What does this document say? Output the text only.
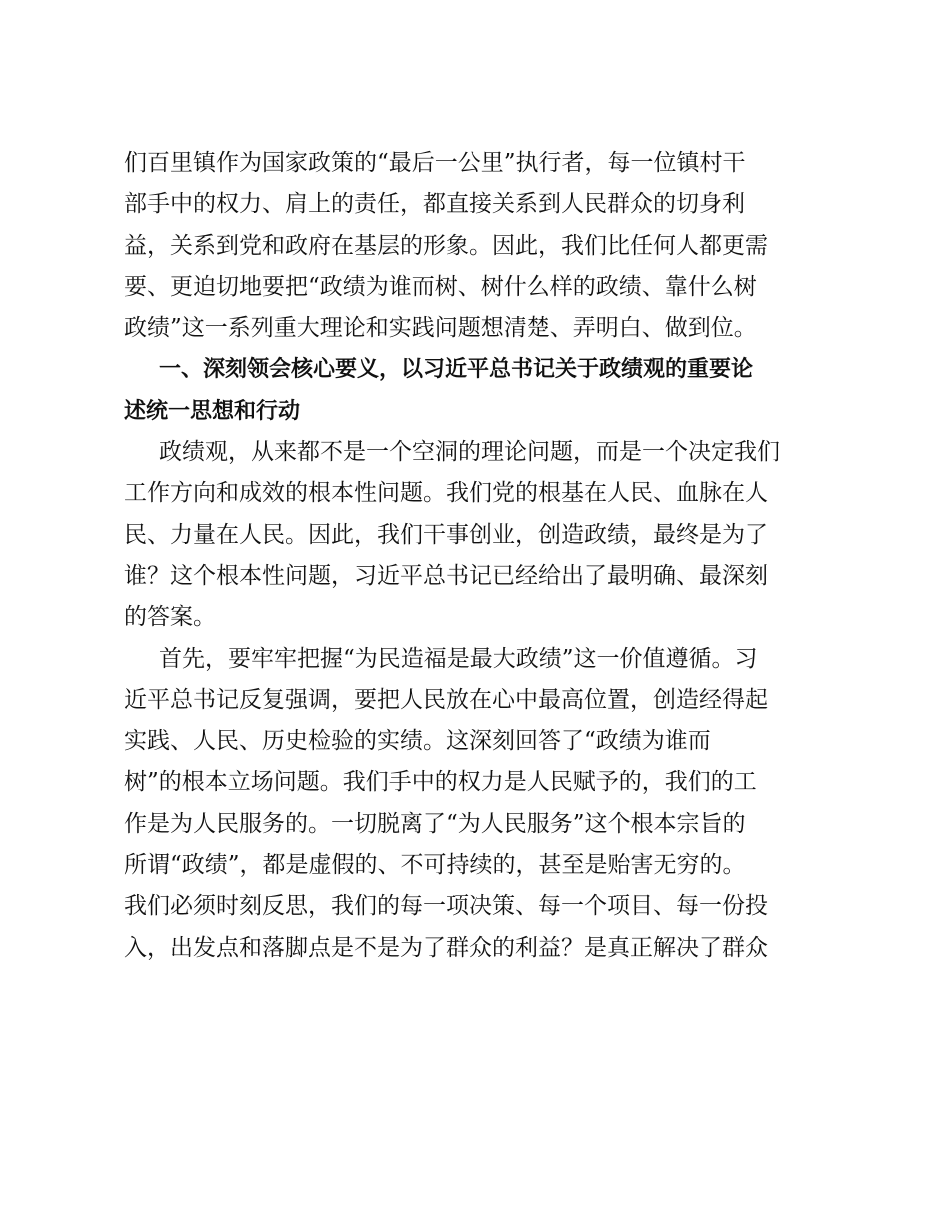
们百里镇作为国家政策的“最后一公里”执行者，每一位镇村干
部手中的权力、肩上的责任，都直接关系到人民群众的切身利
益，关系到党和政府在基层的形象。因此，我们比任何人都更需
要、更迫切地要把“政绩为谁而树、树什么样的政绩、靠什么树
政绩”这一系列重大理论和实践问题想清楚、弄明白、做到位。
一、深刻领会核心要义，以习近平总书记关于政绩观的重要论
述统一思想和行动
政绩观，从来都不是一个空洞的理论问题，而是一个决定我们
工作方向和成效的根本性问题。我们党的根基在人民、血脉在人
民、力量在人民。因此，我们干事创业，创造政绩，最终是为了
谁？这个根本性问题，习近平总书记已经给出了最明确、最深刻
的答案。
首先，要牢牢把握“为民造福是最大政绩”这一价值遵循。习
近平总书记反复强调，要把人民放在心中最高位置，创造经得起
实践、人民、历史检验的实绩。这深刻回答了“政绩为谁而
树”的根本立场问题。我们手中的权力是人民赋予的，我们的工
作是为人民服务的。一切脱离了“为人民服务”这个根本宗旨的
所谓“政绩”，都是虚假的、不可持续的，甚至是贻害无穷的。
我们必须时刻反思，我们的每一项决策、每一个项目、每一份投
入，出发点和落脚点是不是为了群众的利益？是真正解决了群众
